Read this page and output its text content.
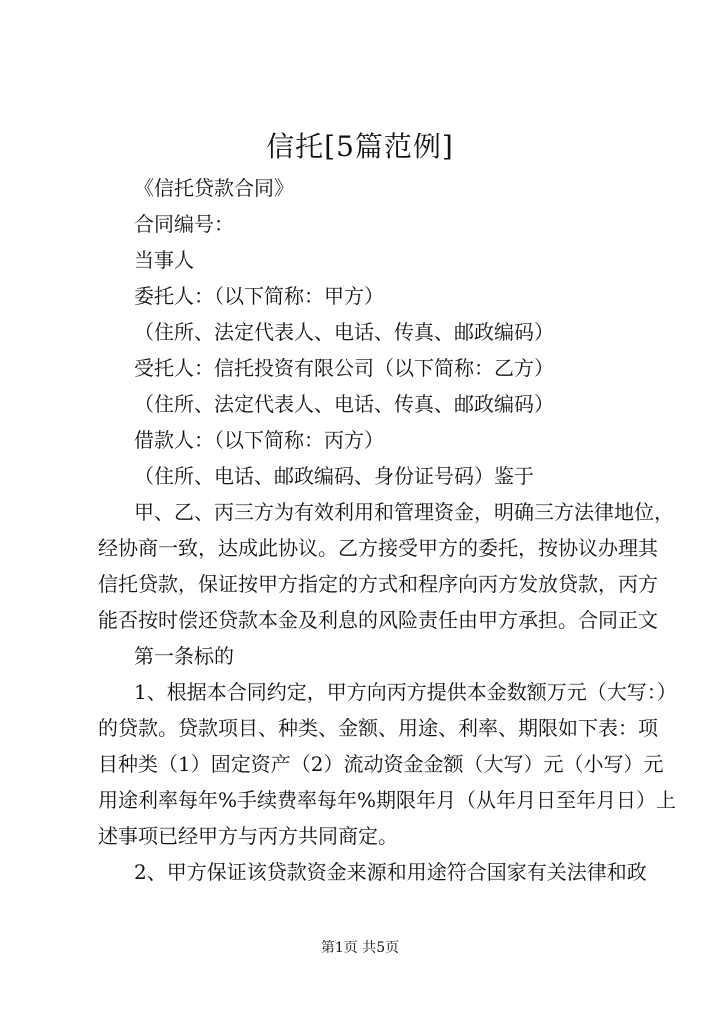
信托[5篇范例]
《信托贷款合同》
合同编号：
当事人
委托人：（以下简称：甲方）
（住所、法定代表人、电话、传真、邮政编码）
受托人：信托投资有限公司（以下简称：乙方）
（住所、法定代表人、电话、传真、邮政编码）
借款人：（以下简称：丙方）
（住所、电话、邮政编码、身份证号码）鉴于
甲、乙、丙三方为有效利用和管理资金，明确三方法律地位，
经协商一致，达成此协议。乙方接受甲方的委托，按协议办理其
信托贷款，保证按甲方指定的方式和程序向丙方发放贷款，丙方
能否按时偿还贷款本金及利息的风险责任由甲方承担。合同正文
第一条标的
1、根据本合同约定，甲方向丙方提供本金数额万元（大写：）
的贷款。贷款项目、种类、金额、用途、利率、期限如下表：项
目种类（1）固定资产（2）流动资金金额（大写）元（小写）元
用途利率每年%手续费率每年%期限年月（从年月日至年月日）上
述事项已经甲方与丙方共同商定。
2、甲方保证该贷款资金来源和用途符合国家有关法律和政
第1页 共5页
